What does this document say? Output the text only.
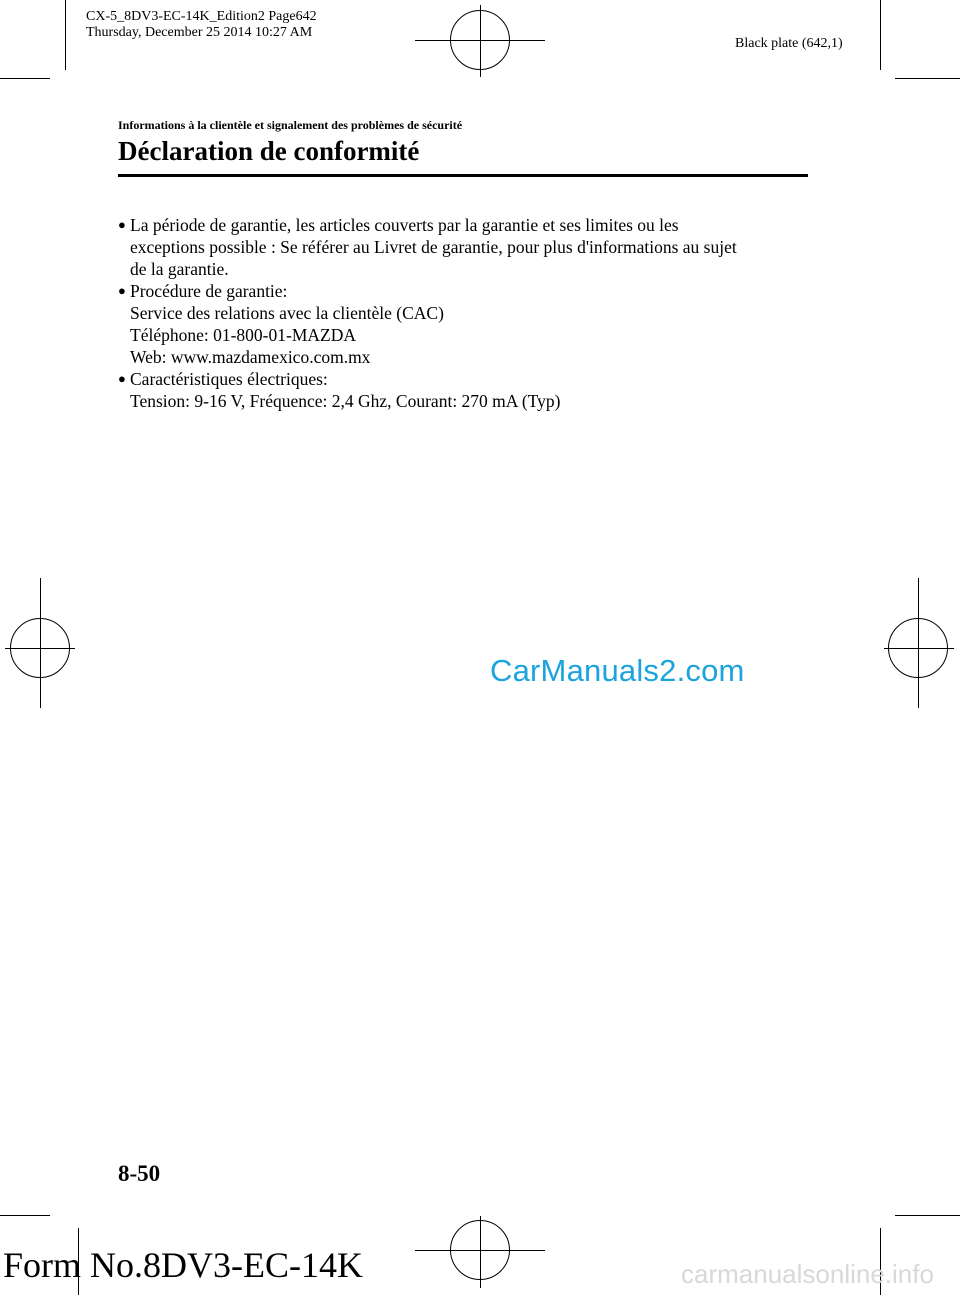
CX-5_8DV3-EC-14K_Edition2 Page642
Thursday, December 25 2014 10:27 AM
Black plate (642,1)
Informations à la clientèle et signalement des problèmes de sécurité
Déclaration de conformité
● La période de garantie, les articles couverts par la garantie et ses limites ou les
exceptions possible : Se référer au Livret de garantie, pour plus d'informations au sujet
de la garantie.
● Procédure de garantie:
Service des relations avec la clientèle (CAC)
Téléphone: 01-800-01-MAZDA
Web: www.mazdamexico.com.mx
● Caractéristiques électriques:
Tension: 9-16 V, Fréquence: 2,4 Ghz, Courant: 270 mA (Typ)
CarManuals2.com
8-50
Form No.8DV3-EC-14K	carmanualsonline.info
